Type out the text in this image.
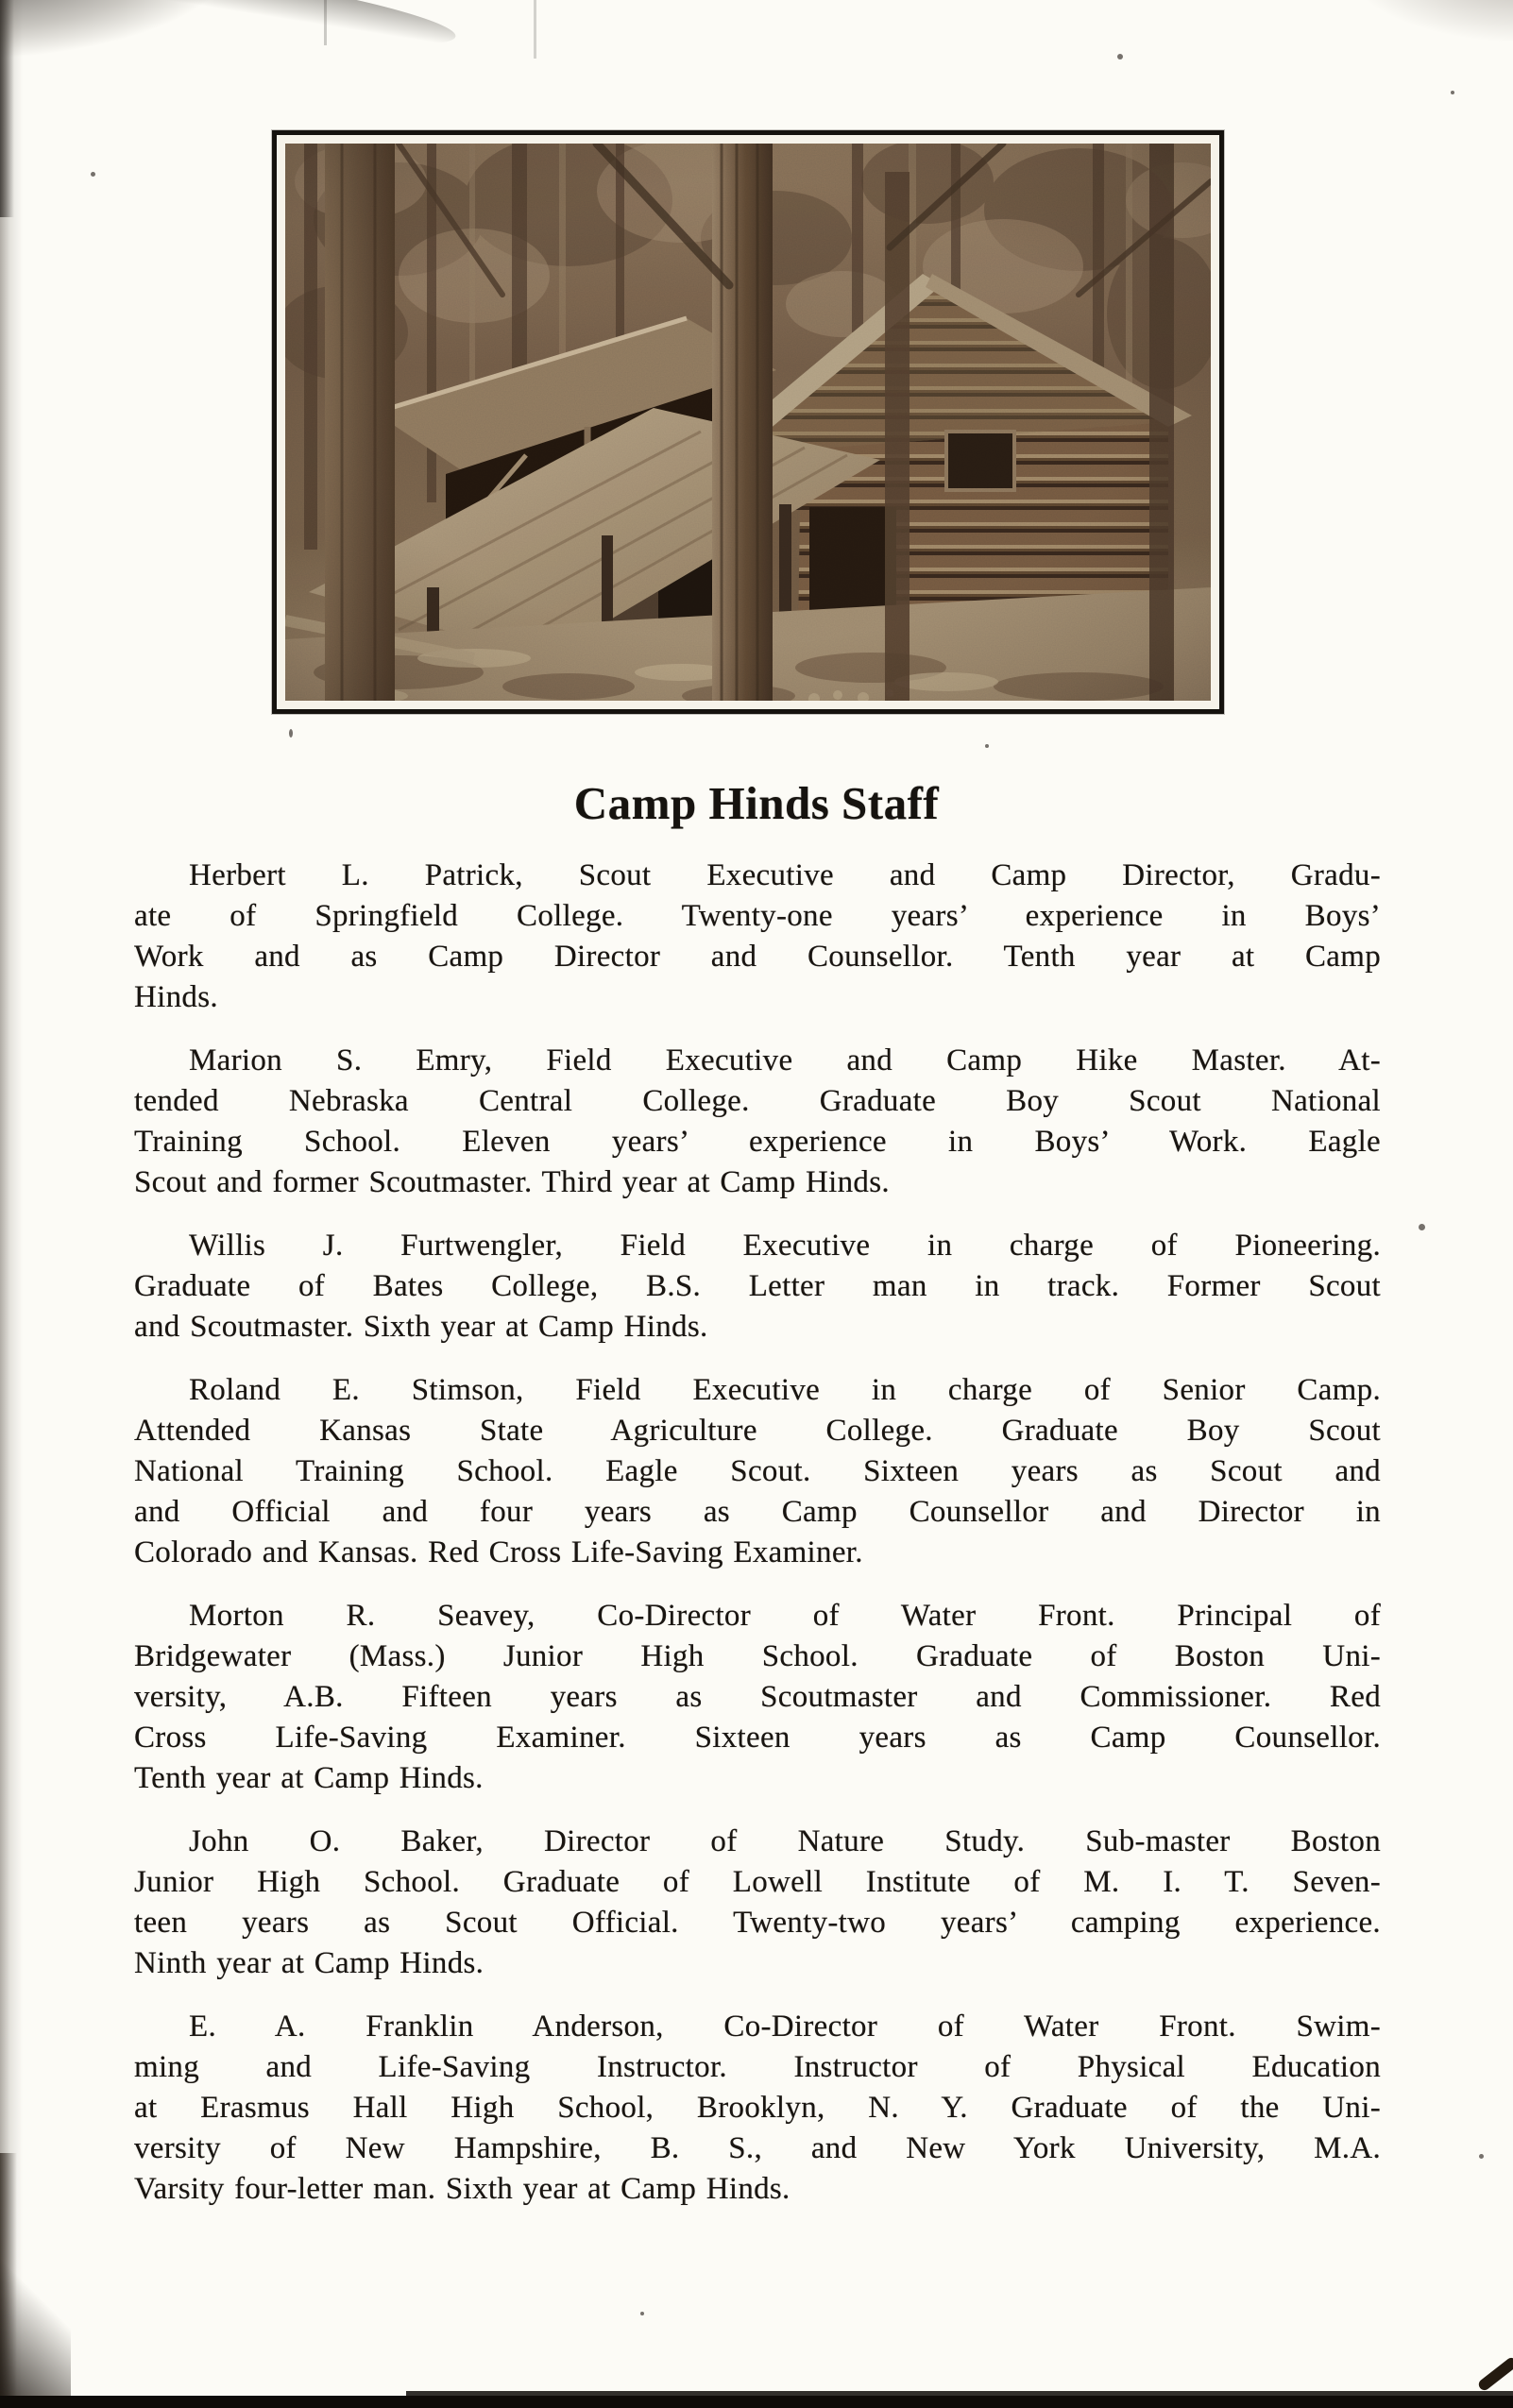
Camp Hinds Staff
Herbert L. Patrick, Scout Executive and Camp Director, Gradu-
ate of Springfield College. Twenty-one years’ experience in Boys’
Work and as Camp Director and Counsellor. Tenth year at Camp
Hinds.
Marion S. Emry, Field Executive and Camp Hike Master. At-
tended Nebraska Central College. Graduate Boy Scout National
Training School. Eleven years’ experience in Boys’ Work. Eagle
Scout and former Scoutmaster. Third year at Camp Hinds.
Willis J. Furtwengler, Field Executive in charge of Pioneering.
Graduate of Bates College, B.S. Letter man in track. Former Scout
and Scoutmaster. Sixth year at Camp Hinds.
Roland E. Stimson, Field Executive in charge of Senior Camp.
Attended Kansas State Agriculture College. Graduate Boy Scout
National Training School. Eagle Scout. Sixteen years as Scout and
and Official and four years as Camp Counsellor and Director in
Colorado and Kansas. Red Cross Life-Saving Examiner.
Morton R. Seavey, Co-Director of Water Front. Principal of
Bridgewater (Mass.) Junior High School. Graduate of Boston Uni-
versity, A.B. Fifteen years as Scoutmaster and Commissioner. Red
Cross Life-Saving Examiner. Sixteen years as Camp Counsellor.
Tenth year at Camp Hinds.
John O. Baker, Director of Nature Study. Sub-master Boston
Junior High School. Graduate of Lowell Institute of M. I. T. Seven-
teen years as Scout Official. Twenty-two years’ camping experience.
Ninth year at Camp Hinds.
E. A. Franklin Anderson, Co-Director of Water Front. Swim-
ming and Life-Saving Instructor. Instructor of Physical Education
at Erasmus Hall High School, Brooklyn, N. Y. Graduate of the Uni-
versity of New Hampshire, B. S., and New York University, M.A.
Varsity four-letter man. Sixth year at Camp Hinds.
